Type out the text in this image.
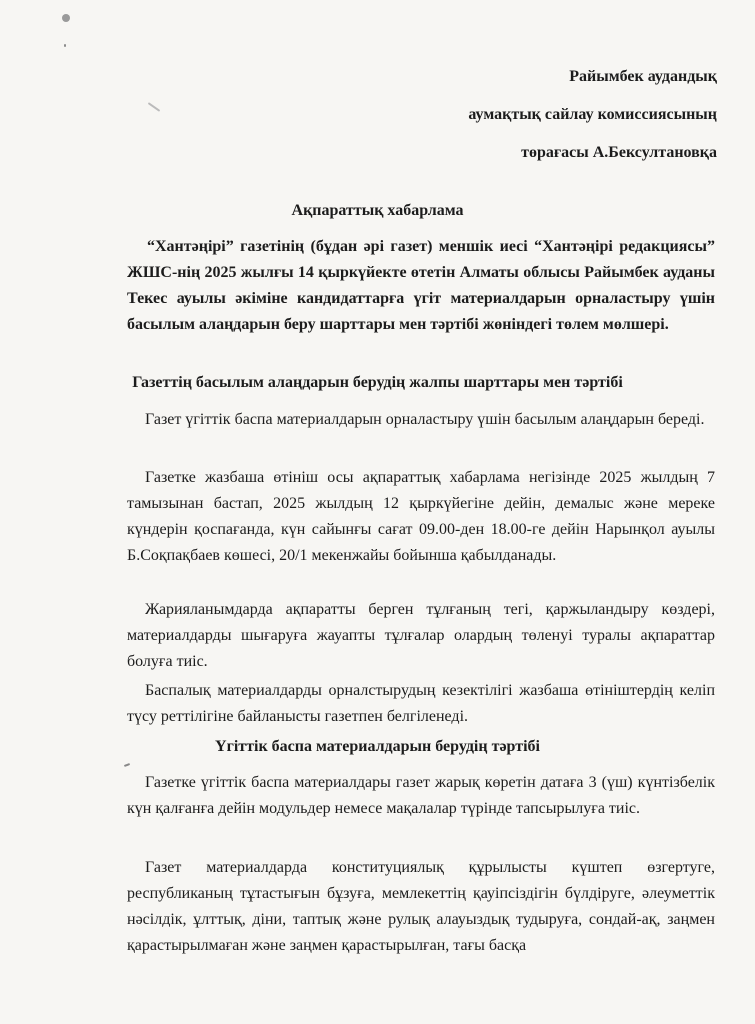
Райымбек аудандық
аумақтық сайлау комиссиясының
төрағасы А.Бексултановқа
Ақпараттық хабарлама
“Хантәңірі” газетінің (бұдан әрі газет) меншік иесі “Хантәңірі редакциясы” ЖШС-нің 2025 жылғы 14 қыркүйекте өтетін Алматы облысы Райымбек ауданы Текес ауылы әкіміне кандидаттарға үгіт материалдарын орналастыру үшін басылым алаңдарын беру шарттары мен тәртібі жөніндегі төлем мөлшері.
Газеттің басылым алаңдарын берудің жалпы шарттары мен тәртібі
Газет үгіттік баспа материалдарын орналастыру үшін басылым алаңдарын береді.
Газетке жазбаша өтініш осы ақпараттық хабарлама негізінде 2025 жылдың 7 тамызынан бастап, 2025 жылдың 12 қыркүйегіне дейін, демалыс және мереке күндерін қоспағанда, күн сайынғы сағат 09.00-ден 18.00-ге дейін Нарынқол ауылы Б.Соқпақбаев көшесі, 20/1 мекенжайы бойынша қабылданады.
Жарияланымдарда ақпаратты берген тұлғаның тегі, қаржыландыру көздері, материалдарды шығаруға жауапты тұлғалар олардың төленуі туралы ақпараттар болуға тиіс.
Баспалық материалдарды орналстырудың кезектілігі жазбаша өтініштердің келіп түсу реттілігіне байланысты газетпен белгіленеді.
Үгіттік баспа материалдарын берудің тәртібі
Газетке үгіттік баспа материалдары газет жарық көретін датаға 3 (үш) күнтізбелік күн қалғанға дейін модульдер немесе мақалалар түрінде тапсырылуға тиіс.
Газет материалдарда конституциялық құрылысты күштеп өзгертуге, республиканың тұтастығын бұзуға, мемлекеттің қауіпсіздігін бүлдіруге, әлеуметтік нәсілдік, ұлттық, діни, таптық және рулық алауыздық тудыруға, сондай-ақ, заңмен қарастырылмаған және заңмен қарастырылған, тағы басқа
